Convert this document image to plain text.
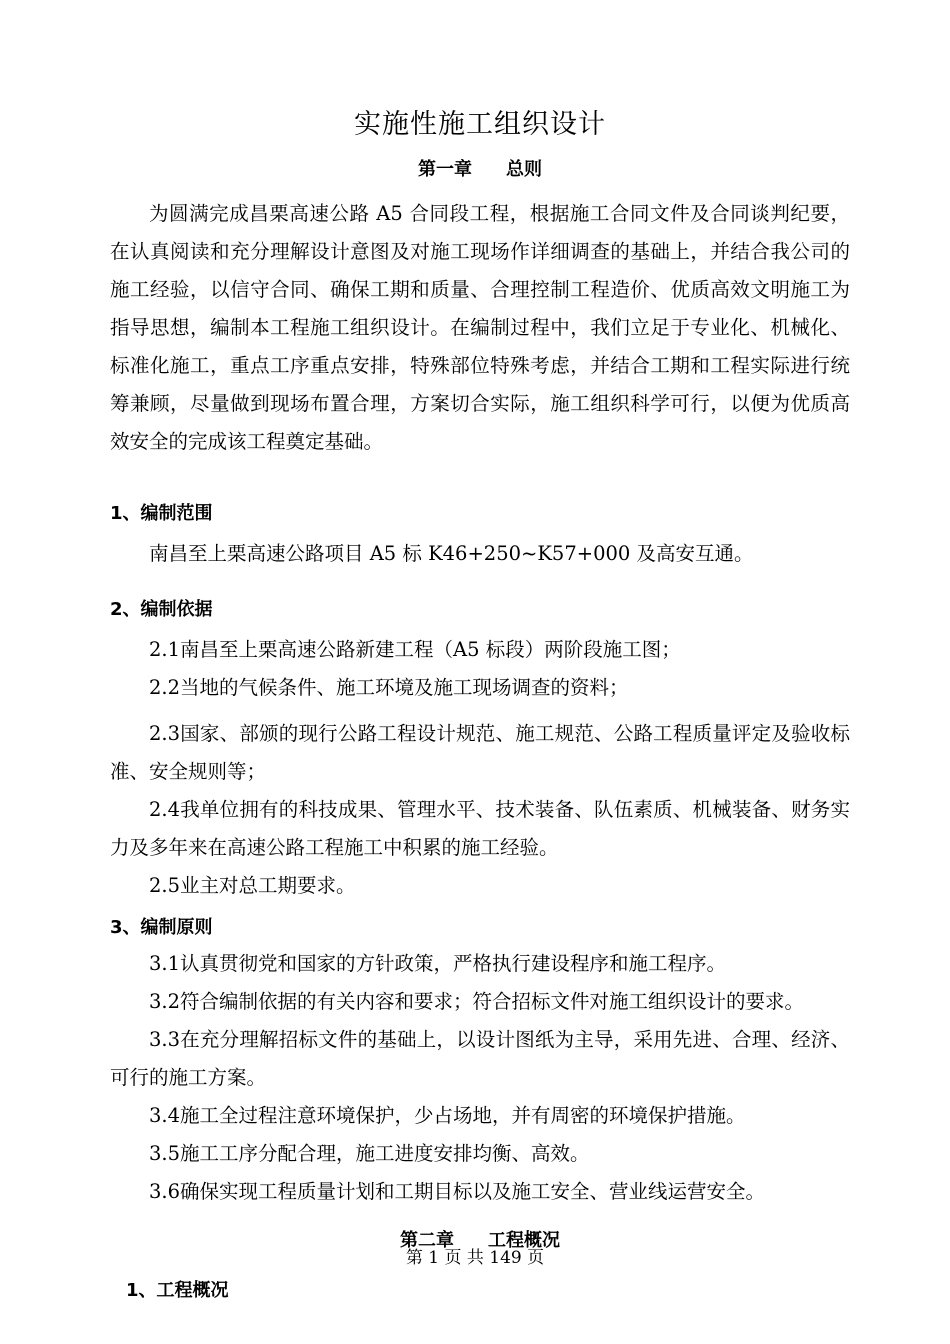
实施性施工组织设计
第一章 总则

为圆满完成昌栗高速公路 A5 合同段工程，根据施工合同文件及合同谈判纪要，在认真阅读和充分理解设计意图及对施工现场作详细调查的基础上，并结合我公司的施工经验，以信守合同、确保工期和质量、合理控制工程造价、优质高效文明施工为指导思想，编制本工程施工组织设计。在编制过程中，我们立足于专业化、机械化、标准化施工，重点工序重点安排，特殊部位特殊考虑，并结合工期和工程实际进行统筹兼顾，尽量做到现场布置合理，方案切合实际，施工组织科学可行，以便为优质高效安全的完成该工程奠定基础。

1、编制范围

南昌至上栗高速公路项目 A5 标 K46+250~K57+000 及高安互通。

2、编制依据

2.1南昌至上栗高速公路新建工程（A5 标段）两阶段施工图；

2.2当地的气候条件、施工环境及施工现场调查的资料；

2.3国家、部颁的现行公路工程设计规范、施工规范、公路工程质量评定及验收标准、安全规则等；

2.4我单位拥有的科技成果、管理水平、技术装备、队伍素质、机械装备、财务实力及多年来在高速公路工程施工中积累的施工经验。

2.5业主对总工期要求。

3、编制原则

3.1认真贯彻党和国家的方针政策，严格执行建设程序和施工程序。

3.2符合编制依据的有关内容和要求；符合招标文件对施工组织设计的要求。

3.3在充分理解招标文件的基础上，以设计图纸为主导，采用先进、合理、经济、可行的施工方案。

3.4施工全过程注意环境保护，少占场地，并有周密的环境保护措施。

3.5施工工序分配合理，施工进度安排均衡、高效。

3.6确保实现工程质量计划和工期目标以及施工安全、营业线运营安全。

第二章 工程概况
1、工程概况
第 1 页 共 149 页
